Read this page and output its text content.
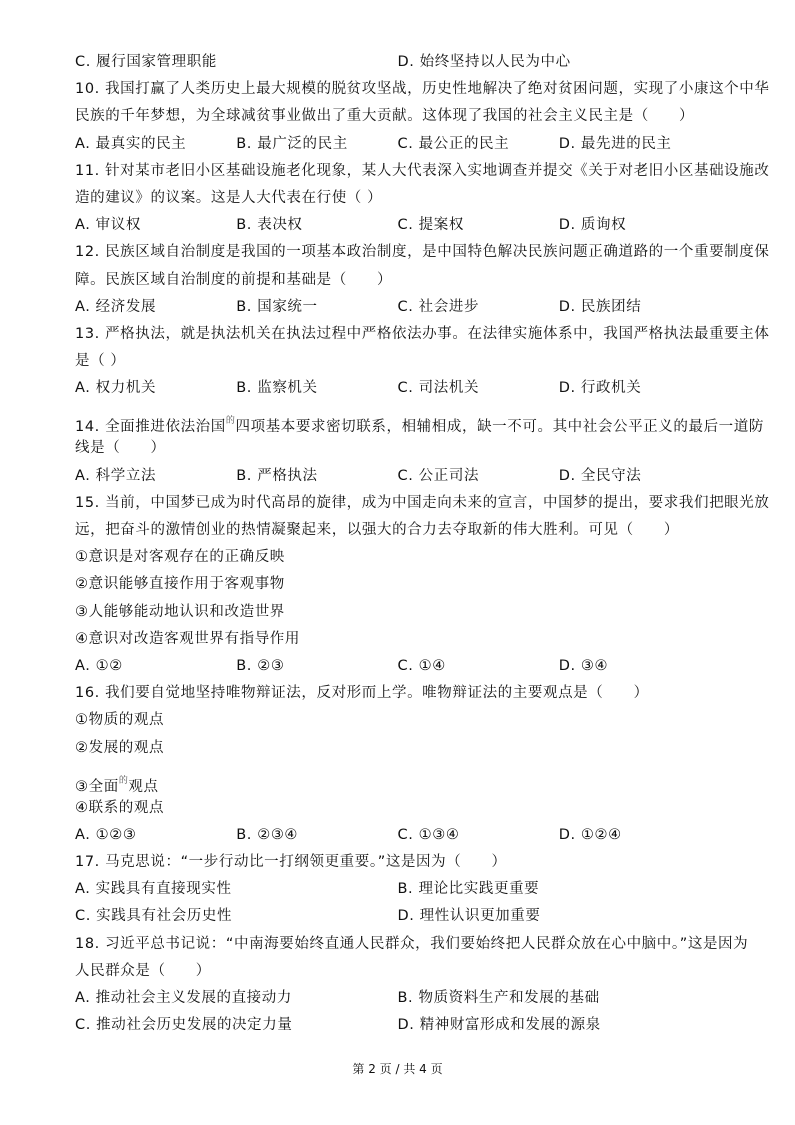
C. 履行国家管理职能	D. 始终坚持以人民为中心
10. 我国打赢了人类历史上最大规模的脱贫攻坚战，历史性地解决了绝对贫困问题，实现了小康这个中华
民族的千年梦想，为全球减贫事业做出了重大贡献。这体现了我国的社会主义民主是（　　）
A. 最真实的民主	B. 最广泛的民主	C. 最公正的民主	D. 最先进的民主
11. 针对某市老旧小区基础设施老化现象，某人大代表深入实地调查并提交《关于对老旧小区基础设施改
造的建议》的议案。这是人大代表在行使（ ）
A. 审议权	B. 表决权	C. 提案权	D. 质询权
12. 民族区域自治制度是我国的一项基本政治制度，是中国特色解决民族问题正确道路的一个重要制度保
障。民族区域自治制度的前提和基础是（　　）
A. 经济发展	B. 国家统一	C. 社会进步	D. 民族团结
13. 严格执法，就是执法机关在执法过程中严格依法办事。在法律实施体系中，我国严格执法最重要主体
是（ ）
A. 权力机关	B. 监察机关	C. 司法机关	D. 行政机关
14. 全面推进依法治国$^的$四项基本要求密切联系，相辅相成，缺一不可。其中社会公平正义的最后一道防
线是（　　）
A. 科学立法	B. 严格执法	C. 公正司法	D. 全民守法
15. 当前，中国梦已成为时代高昂的旋律，成为中国走向未来的宣言，中国梦的提出，要求我们把眼光放
远，把奋斗的激情创业的热情凝聚起来，以强大的合力去夺取新的伟大胜利。可见（　　）
①意识是对客观存在的正确反映
②意识能够直接作用于客观事物
③人能够能动地认识和改造世界
④意识对改造客观世界有指导作用
A. ①②	B. ②③	C. ①④	D. ③④
16. 我们要自觉地坚持唯物辩证法，反对形而上学。唯物辩证法的主要观点是（　　）
①物质的观点
②发展的观点
③全面$^的$观点
④联系的观点
A. ①②③	B. ②③④	C. ①③④	D. ①②④
17. 马克思说：“一步行动比一打纲领更重要。”这是因为（　　）
A. 实践具有直接现实性	B. 理论比实践更重要
C. 实践具有社会历史性	D. 理性认识更加重要
18. 习近平总书记说：“中南海要始终直通人民群众，我们要始终把人民群众放在心中脑中。”这是因为
人民群众是（　　）
A. 推动社会主义发展的直接动力	B. 物质资料生产和发展的基础
C. 推动社会历史发展的决定力量	D. 精神财富形成和发展的源泉
第 2 页 / 共 4 页
